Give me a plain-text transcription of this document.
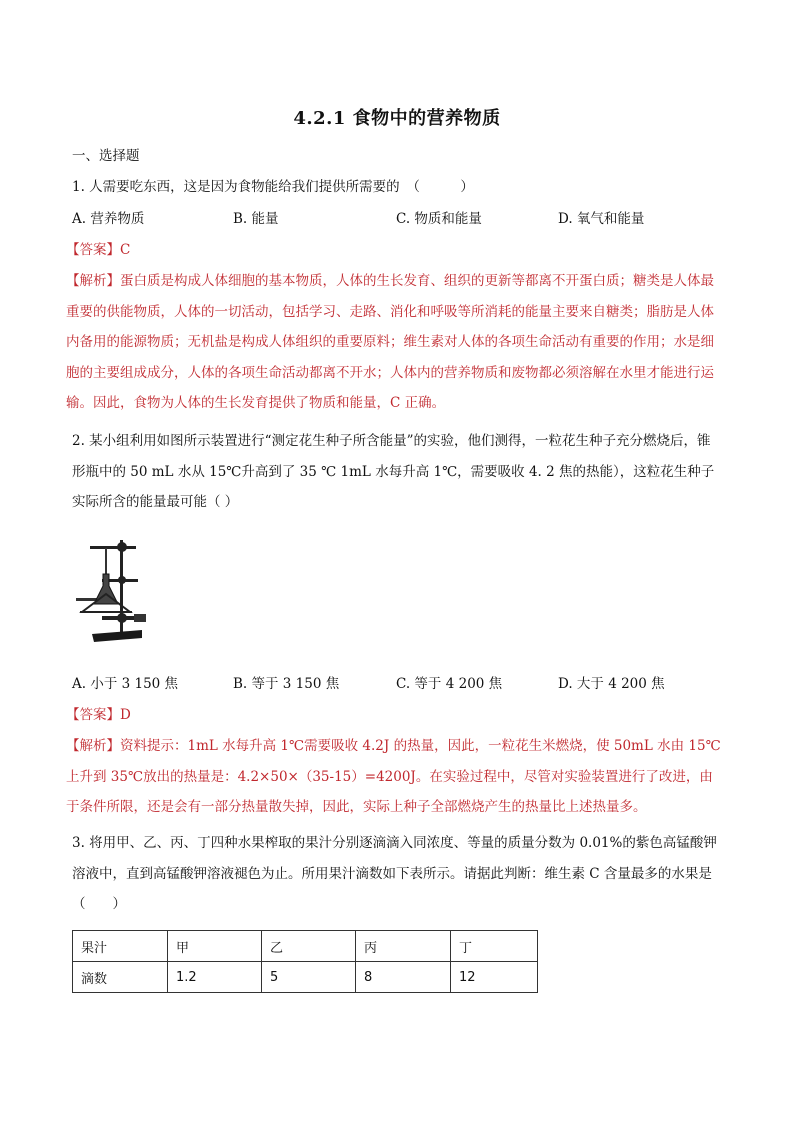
4.2.1 食物中的营养物质
一、选择题
1. 人需要吃东西，这是因为食物能给我们提供所需要的　（　　　）
A. 营养物质	B. 能量	C. 物质和能量	D. 氧气和能量
【答案】C
【解析】蛋白质是构成人体细胞的基本物质，人体的生长发育、组织的更新等都离不开蛋白质；糖类是人体最重要的供能物质，人体的一切活动，包括学习、走路、消化和呼吸等所消耗的能量主要来自糖类；脂肪是人体内备用的能源物质；无机盐是构成人体组织的重要原料；维生素对人体的各项生命活动有重要的作用；水是细胞的主要组成成分，人体的各项生命活动都离不开水；人体内的营养物质和废物都必须溶解在水里才能进行运输。因此，食物为人体的生长发育提供了物质和能量，C 正确。
2. 某小组利用如图所示装置进行“测定花生种子所含能量”的实验，他们测得，一粒花生种子充分燃烧后，锥 形瓶中的 50 mL 水从 15℃升高到了 35 ℃ 1mL 水每升高 1℃，需要吸收 4. 2 焦的热能），这粒花生种子实际所含的能量最可能（ ）
A. 小于 3 150 焦	B. 等于 3 150 焦	C. 等于 4 200 焦	D. 大于 4 200 焦
【答案】D
【解析】资料提示：1mL 水每升高 1℃需要吸收 4.2J 的热量，因此，一粒花生米燃烧，使 50mL 水由 15℃上升到 35℃放出的热量是：4.2×50×（35-15）=4200J。在实验过程中，尽管对实验装置进行了改进，由于条件所限，还是会有一部分热量散失掉，因此，实际上种子全部燃烧产生的热量比上述热量多。
3. 将用甲、乙、丙、丁四种水果榨取的果汁分别逐滴滴入同浓度、等量的质量分数为 0.01%的紫色高锰酸钾溶液中，直到高锰酸钾溶液褪色为止。所用果汁滴数如下表所示。请据此判断：维生素 C 含量最多的水果是（　　）
果汁	甲	乙	丙	丁
滴数	1.2	5	8	12
